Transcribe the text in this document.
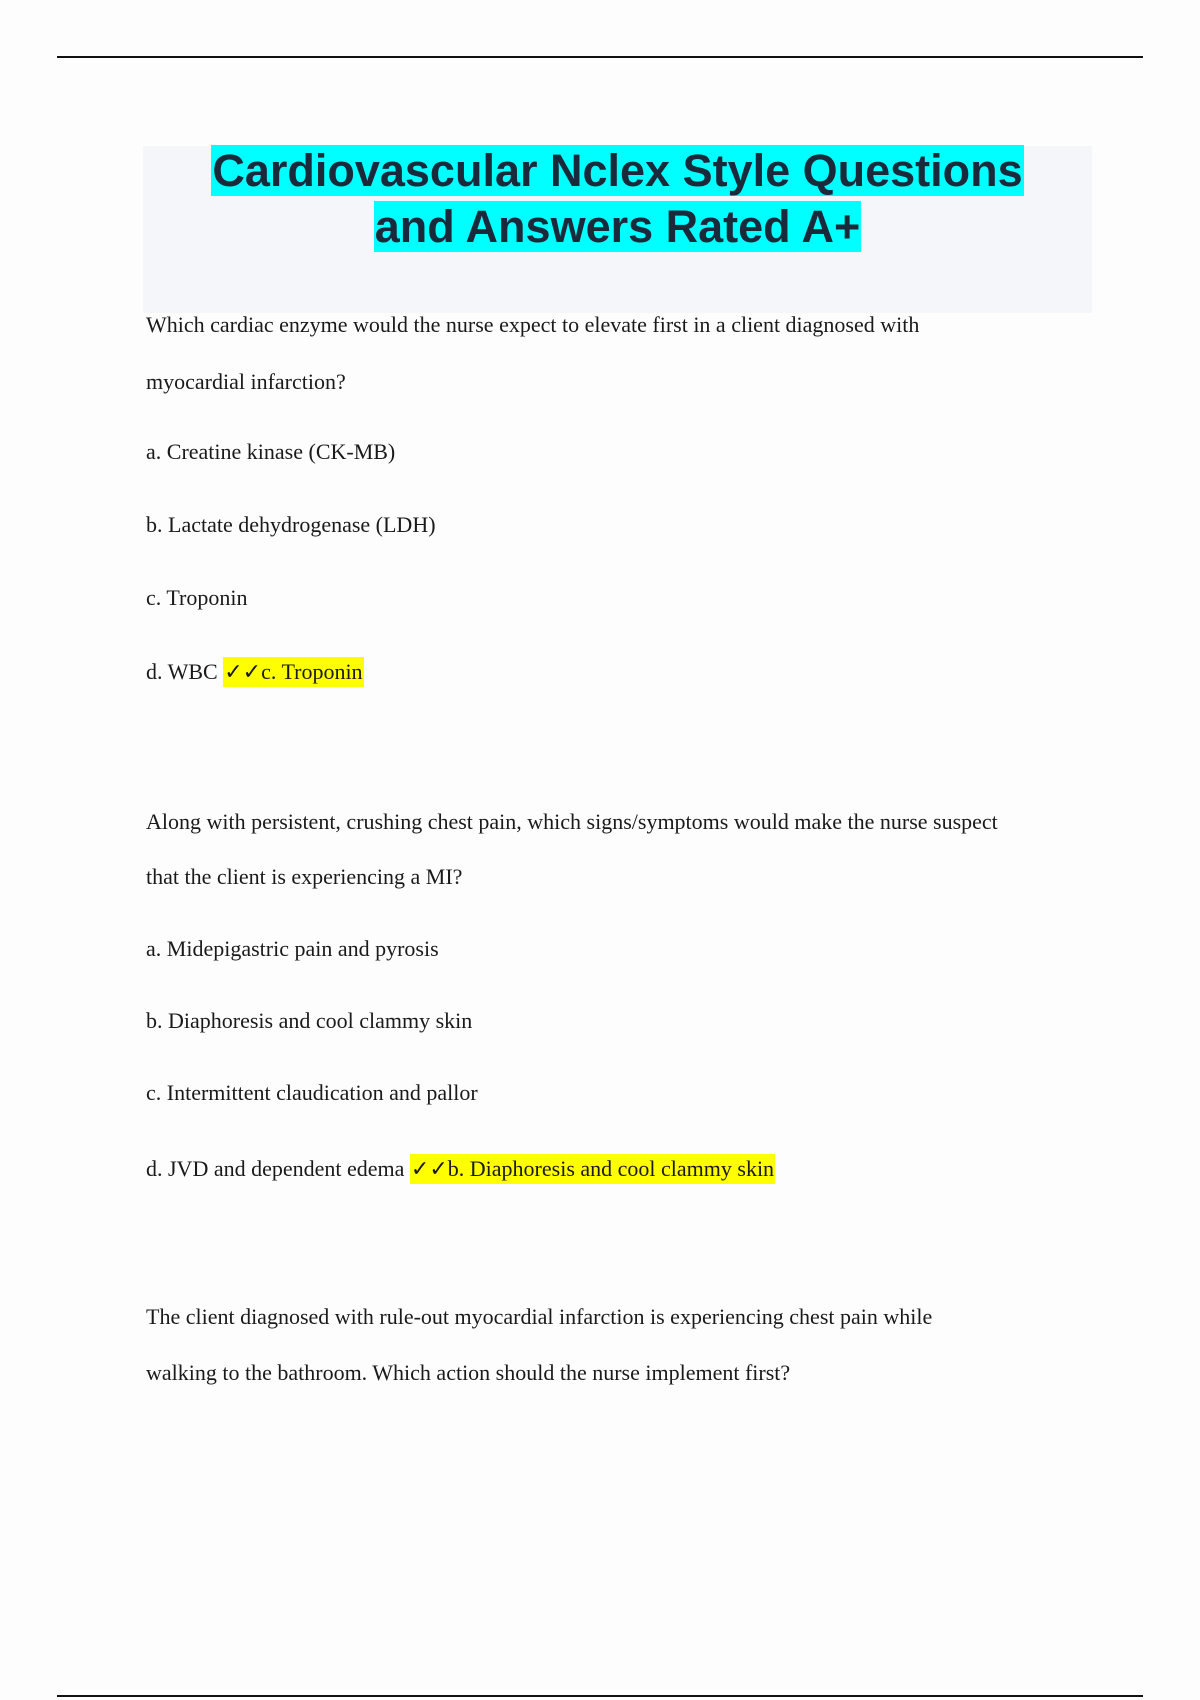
Cardiovascular Nclex Style Questions
and Answers Rated A+

Which cardiac enzyme would the nurse expect to elevate first in a client diagnosed with

myocardial infarction?

a. Creatine kinase (CK-MB)

b. Lactate dehydrogenase (LDH)

c. Troponin

d. WBC ✓✓c. Troponin

Along with persistent, crushing chest pain, which signs/symptoms would make the nurse suspect

that the client is experiencing a MI?

a. Midepigastric pain and pyrosis

b. Diaphoresis and cool clammy skin

c. Intermittent claudication and pallor

d. JVD and dependent edema ✓✓b. Diaphoresis and cool clammy skin

The client diagnosed with rule-out myocardial infarction is experiencing chest pain while

walking to the bathroom. Which action should the nurse implement first?
